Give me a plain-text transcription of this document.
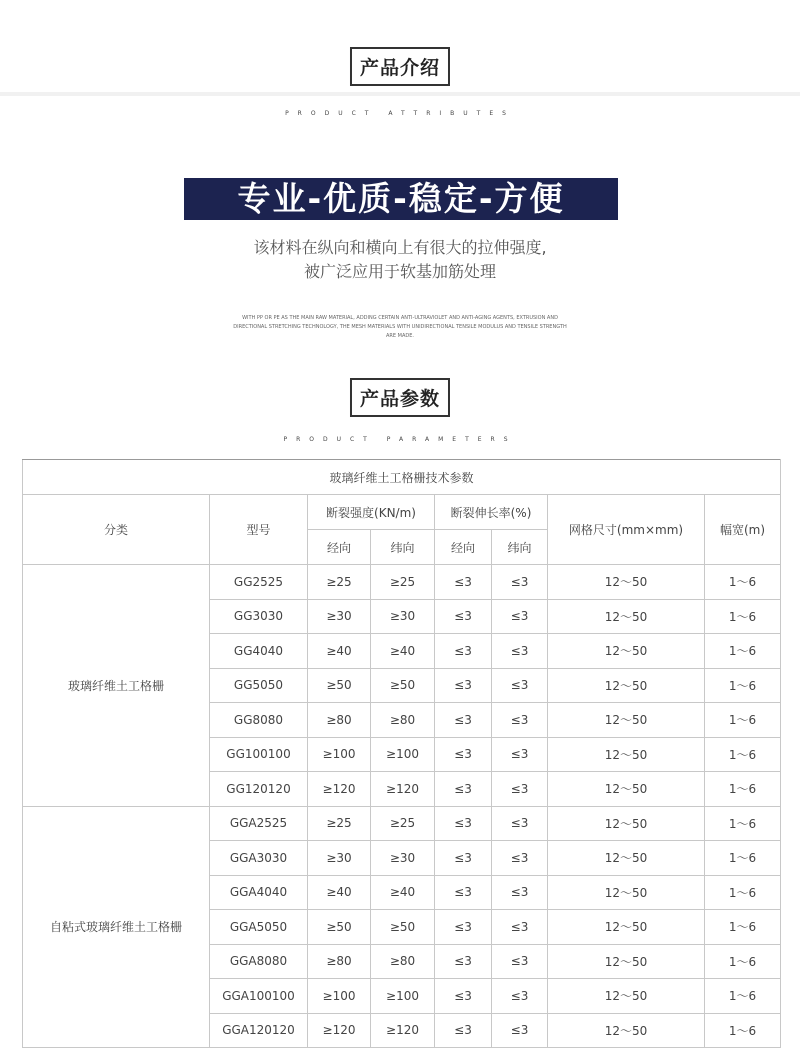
产品介绍
PRODUCT ATTRIBUTES
专业-优质-稳定-方便
该材料在纵向和横向上有很大的拉伸强度,
被广泛应用于软基加筋处理
WITH PP OR PE AS THE MAIN RAW MATERIAL, ADDING CERTAIN ANTI-ULTRAVIOLET AND ANTI-AGING AGENTS, EXTRUSION AND DIRECTIONAL STRETCHING TECHNOLOGY, THE MESH MATERIALS WITH UNIDIRECTIONAL TENSILE MODULUS AND TENSILE STRENGTH ARE MADE.
产品参数
PRODUCT PARAMETERS
玻璃纤维土工格栅技术参数							
分类	型号	断裂强度(KN/m)		断裂伸长率(%)		网格尺寸(mm×mm)	幅宽(m)
		经向	纬向	经向	纬向		
玻璃纤维土工格栅	GG2525	≥25	≥25	≤3	≤3	12～50	1～6
	GG3030	≥30	≥30	≤3	≤3	12～50	1～6
	GG4040	≥40	≥40	≤3	≤3	12～50	1～6
	GG5050	≥50	≥50	≤3	≤3	12～50	1～6
	GG8080	≥80	≥80	≤3	≤3	12～50	1～6
	GG100100	≥100	≥100	≤3	≤3	12～50	1～6
	GG120120	≥120	≥120	≤3	≤3	12～50	1～6
自粘式玻璃纤维土工格栅	GGA2525	≥25	≥25	≤3	≤3	12～50	1～6
	GGA3030	≥30	≥30	≤3	≤3	12～50	1～6
	GGA4040	≥40	≥40	≤3	≤3	12～50	1～6
	GGA5050	≥50	≥50	≤3	≤3	12～50	1～6
	GGA8080	≥80	≥80	≤3	≤3	12～50	1～6
	GGA100100	≥100	≥100	≤3	≤3	12～50	1～6
	GGA120120	≥120	≥120	≤3	≤3	12～50	1～6
